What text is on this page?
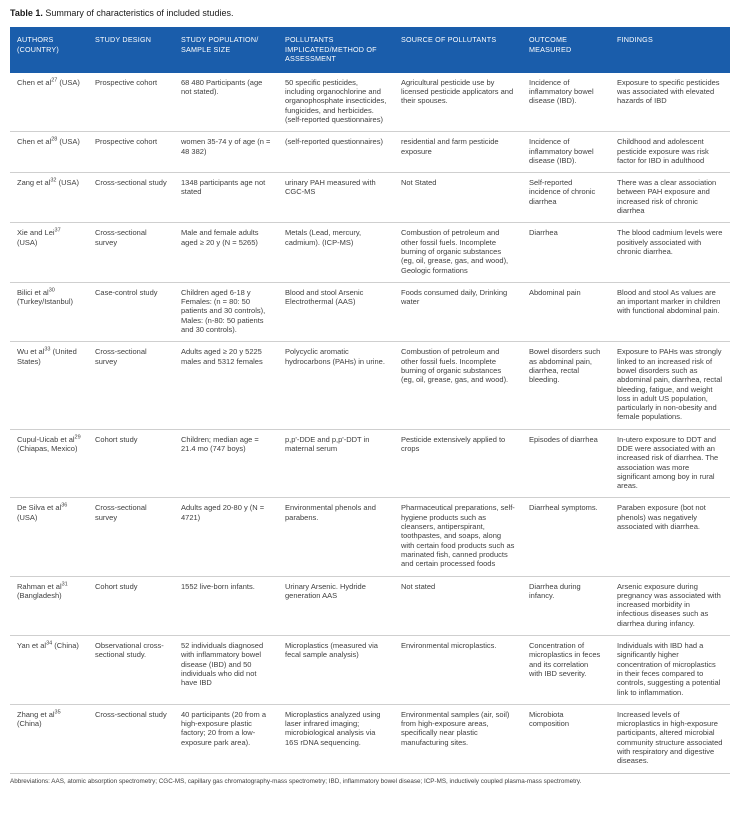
Table 1. Summary of characteristics of included studies.

AUTHORS (COUNTRY)	STUDY DESIGN	STUDY POPULATION/ SAMPLE SIZE	POLLUTANTS IMPLICATED/METHOD OF ASSESSMENT	SOURCE OF POLLUTANTS	OUTCOME MEASURED	FINDINGS
Chen et $al^{27}$ (USA)	Prospective cohort	68 480 Participants (age not stated).	50 specific pesticides, including organochlorine and organophosphate insecticides, fungicides, and herbicides. (self-reported questionnaires)	Agricultural pesticide use by licensed pesticide applicators and their spouses.	Incidence of inflammatory bowel disease (IBD).	Exposure to specific pesticides was associated with elevated hazards of IBD
Chen et $al^{28}$ (USA)	Prospective cohort	women 35-74 y of age (n = 48 382)	(self-reported questionnaires)	residential and farm pesticide exposure	Incidence of inflammatory bowel disease (IBD).	Childhood and adolescent pesticide exposure was risk factor for IBD in adulthood
Zang et $al^{32}$ (USA)	Cross-sectional study	1348 participants age not stated	urinary PAH measured with CGC-MS	Not Stated	Self-reported incidence of chronic diarrhea	There was a clear association between PAH exposure and increased risk of chronic diarrhea
Xie and Lei$^{37}$ (USA)	Cross-sectional survey	Male and female adults aged ≥ 20 y (N = 5265)	Metals (Lead, mercury, cadmium). (ICP-MS)	Combustion of petroleum and other fossil fuels. Incomplete burning of organic substances (eg, oil, grease, gas, and wood), Geologic formations	Diarrhea	The blood cadmium levels were positively associated with chronic diarrhea.
Bilici et $al^{30}$ (Turkey/Istanbul)	Case-control study	Children aged 6-18 y Females: (n = 80: 50 patients and 30 controls), Males: (n-80: 50 patients and 30 controls).	Blood and stool Arsenic Electrothermal (AAS)	Foods consumed daily, Drinking water	Abdominal pain	Blood and stool As values are an important marker in children with functional abdominal pain.
Wu et $al^{33}$ (United States)	Cross-sectional survey	Adults aged ≥ 20 y 5225 males and 5312 females	Polycyclic aromatic hydrocarbons (PAHs) in urine.	Combustion of petroleum and other fossil fuels. Incomplete burning of organic substances (eg, oil, grease, gas, and wood).	Bowel disorders such as abdominal pain, diarrhea, rectal bleeding.	Exposure to PAHs was strongly linked to an increased risk of bowel disorders such as abdominal pain, diarrhea, rectal bleeding, fatigue, and weight loss in adult US population, particularly in non-obesity and female populations.
Cupul-Uicab et $al^{29}$ (Chiapas, Mexico)	Cohort study	Children; median age = 21.4 mo (747 boys)	p,p'-DDE and p,p'-DDT in maternal serum	Pesticide extensively applied to crops	Episodes of diarrhea	In-utero exposure to DDT and DDE were associated with an increased risk of diarrhea. The association was more significant among boy in rural areas.
De Silva et $al^{36}$ (USA)	Cross-sectional survey	Adults aged 20-80 y (N = 4721)	Environmental phenols and parabens.	Pharmaceutical preparations, self-hygiene products such as cleansers, antiperspirant, toothpastes, and soaps, along with certain food products such as marinated fish, canned products and certain processed foods	Diarrheal symptoms.	Paraben exposure (bot not phenols) was negatively associated with diarrhea.
Rahman et $al^{31}$ (Bangladesh)	Cohort study	1552 live-born infants.	Urinary Arsenic. Hydride generation AAS	Not stated	Diarrhea during infancy.	Arsenic exposure during pregnancy was associated with increased morbidity in infectious diseases such as diarrhea during infancy.
Yan et $al^{34}$ (China)	Observational cross-sectional study.	52 individuals diagnosed with inflammatory bowel disease (IBD) and 50 individuals who did not have IBD	Microplastics (measured via fecal sample analysis)	Environmental microplastics.	Concentration of microplastics in feces and its correlation with IBD severity.	Individuals with IBD had a significantly higher concentration of microplastics in their feces compared to controls, suggesting a potential link to inflammation.
Zhang et $al^{35}$ (China)	Cross-sectional study	40 participants (20 from a high-exposure plastic factory; 20 from a low-exposure park area).	Microplastics analyzed using laser infrared imaging; microbiological analysis via 16S rDNA sequencing.	Environmental samples (air, soil) from high-exposure areas, specifically near plastic manufacturing sites.	Microbiota composition	Increased levels of microplastics in high-exposure participants, altered microbial community structure associated with respiratory and digestive diseases.

Abbreviations: AAS, atomic absorption spectrometry; CGC-MS, capillary gas chromatography-mass spectrometry; IBD, inflammatory bowel disease; ICP-MS, inductively coupled plasma-mass spectrometry.
